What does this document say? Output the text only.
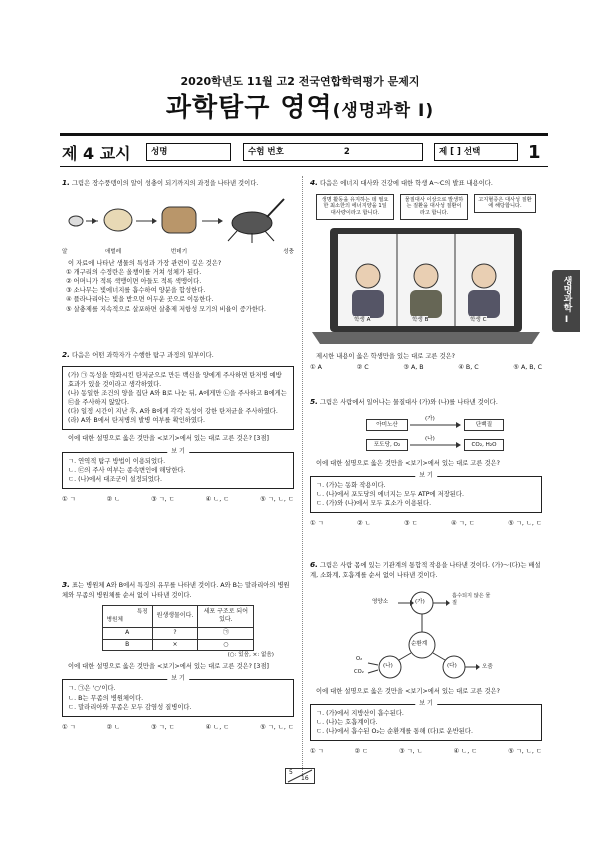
2020학년도 11월 고2 전국연합학력평가 문제지
과학탐구 영역(생명과학 Ⅰ)
제 4 교시	성명	수험 번호	2	제 [ ] 선택	1
생명과학 Ⅰ
1. 그림은 장수풍뎅이의 알이 성충이 되기까지의 과정을 나타낸 것이다.
알	애벌레	번데기	성충
이 자료에 나타난 생물의 특성과 가장 관련이 깊은 것은?
① 개구리의 수정란은 올챙이를 거쳐 성체가 된다.
② 어머니가 적록 색맹이면 아들도 적록 색맹이다.
③ 소나무는 빛에너지를 흡수하여 양분을 합성한다.
④ 플라나리아는 빛을 받으면 어두운 곳으로 이동한다.
⑤ 살충제를 지속적으로 살포하면 살충제 저항성 모기의 비율이 증가한다.
2. 다음은 어떤 과학자가 수행한 탐구 과정의 일부이다.
(가) ㉠ 독성을 약화시킨 탄저균으로 만든 백신을 양에게 주사하면 탄저병 예방 효과가 있을 것이라고 생각하였다.
(나) 동일한 조건의 양을 집단 A와 B로 나눈 뒤, A에게만 ㉡을 주사하고 B에게는 ㉢을 주사하지 않았다.
(다) 일정 시간이 지난 후, A와 B에게 각각 독성이 강한 탄저균을 주사하였다.
(라) A와 B에서 탄저병의 발병 여부를 확인하였다.
이에 대한 설명으로 옳은 것만을 <보기>에서 있는 대로 고른 것은? [3점]
보 기
ㄱ. 연역적 탐구 방법이 이용되었다.
ㄴ. ㉢의 주사 여부는 종속변인에 해당한다.
ㄷ. (나)에서 대조군이 설정되었다.
① ㄱ	② ㄴ	③ ㄱ, ㄷ	④ ㄴ, ㄷ	⑤ ㄱ, ㄴ, ㄷ
3. 표는 병원체 A와 B에서 특징의 유무를 나타낸 것이다. A와 B는 말라리아의 병원체와 무좀의 병원체를 순서 없이 나타낸 것이다.
특징
병원체	원생생물이다.	세포 구조로 되어 있다.
A	?	㉠
B	×	○
(○: 있음, ×: 없음)
이에 대한 설명으로 옳은 것만을 <보기>에서 있는 대로 고른 것은? [3점]
보 기
ㄱ. ㉠은 '○'이다.
ㄴ. B는 무좀의 병원체이다.
ㄷ. 말라리아와 무좀은 모두 감염성 질병이다.
① ㄱ	② ㄴ	③ ㄱ, ㄷ	④ ㄴ, ㄷ	⑤ ㄱ, ㄴ, ㄷ
4. 다음은 에너지 대사와 건강에 대한 학생 A～C의 발표 내용이다.
생명 활동을 유지하는 데 필요한 최소한의 에너지양을 1일 대사량이라고 합니다.
물질대사 이상으로 발생하는 질환을 대사성 질환이라고 합니다.
고지혈증은 대사성 질환에 해당합니다.
학생 A	학생 B	학생 C
제시한 내용이 옳은 학생만을 있는 대로 고른 것은?
① A	② C	③ A, B	④ B, C	⑤ A, B, C
5. 그림은 사람에서 일어나는 물질대사 (가)와 (나)를 나타낸 것이다.
아미노산
(가)
단백질
포도당, O₂
(나)
CO₂, H₂O
이에 대한 설명으로 옳은 것만을 <보기>에서 있는 대로 고른 것은?
보 기
ㄱ. (가)는 동화 작용이다.
ㄴ. (나)에서 포도당의 에너지는 모두 ATP에 저장된다.
ㄷ. (가)와 (나)에서 모두 효소가 이용된다.
① ㄱ	② ㄴ	③ ㄷ	④ ㄱ, ㄷ	⑤ ㄱ, ㄴ, ㄷ
6. 그림은 사람 몸에 있는 기관계의 통합적 작용을 나타낸 것이다. (가)～(다)는 배설계, 소화계, 호흡계를 순서 없이 나타낸 것이다.
(가)
순환계
(나)	(다)
영양소
흡수되지 않은 물질
O₂
CO₂
오줌
이에 대한 설명으로 옳은 것만을 <보기>에서 있는 대로 고른 것은?
보 기
ㄱ. (가)에서 지방산이 흡수된다.
ㄴ. (나)는 호흡계이다.
ㄷ. (나)에서 흡수된 O₂는 순환계를 통해 (다)로 운반된다.
① ㄱ	② ㄷ	③ ㄱ, ㄴ	④ ㄴ, ㄷ	⑤ ㄱ, ㄴ, ㄷ
5
16
